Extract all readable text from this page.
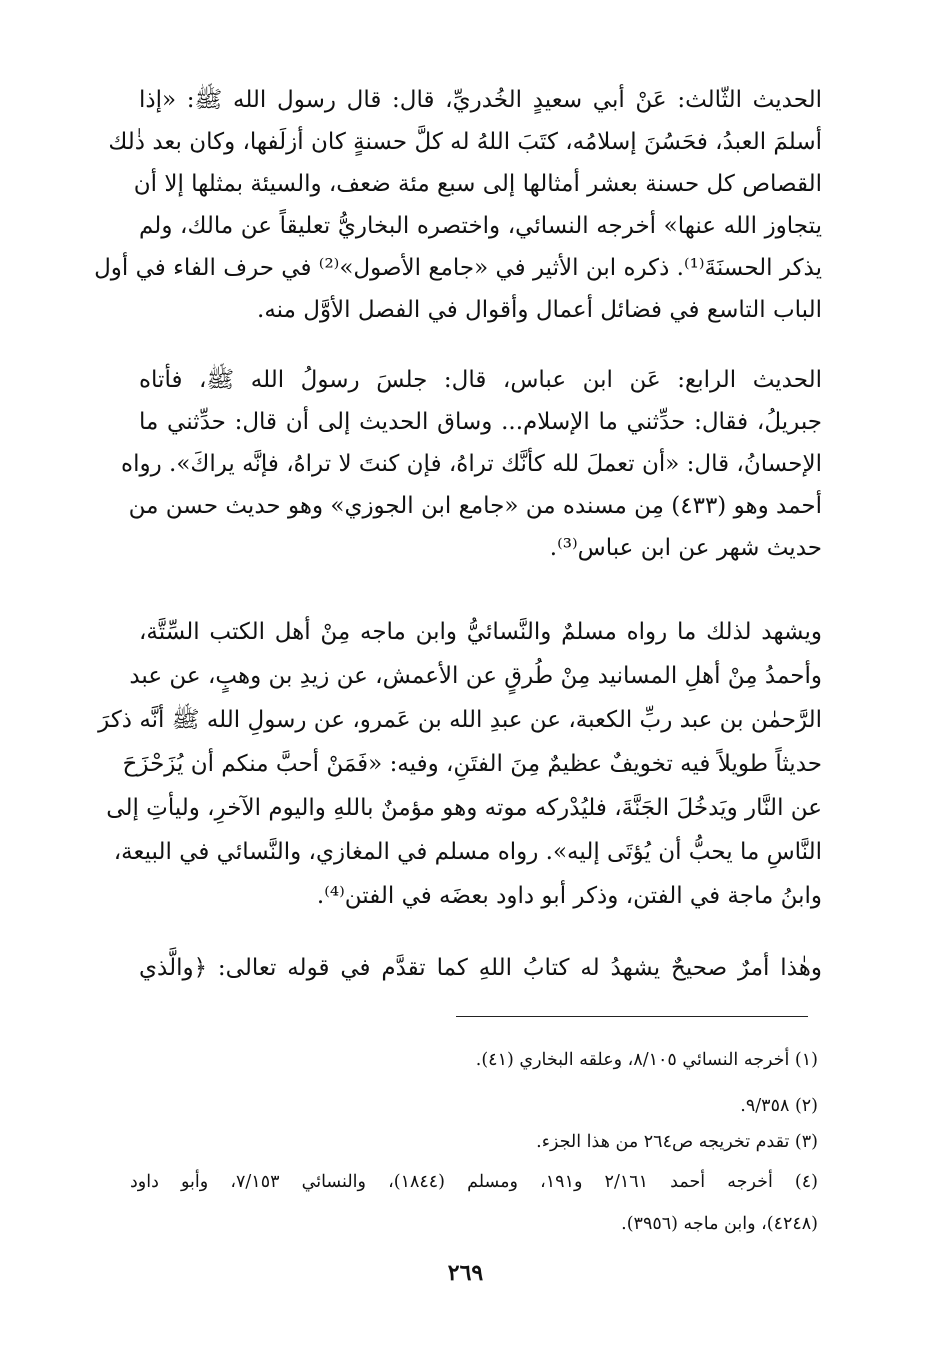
الحديث الثّالث: عَنْ أبي سعيدٍ الخُدريِّ، قال: قال رسول الله ﷺ: «إذا
أسلمَ العبدُ، فحَسُنَ إسلامُه، كتَبَ اللهُ له كلَّ حسنةٍ كان أزلَفها، وكان بعد ذٰلك
القصاص كل حسنة بعشر أمثالها إلى سبع مئة ضعف، والسيئة بمثلها إلا أن
يتجاوز الله عنها» أخرجه النسائي، واختصره البخاريُّ تعليقاً عن مالك، ولم
يذكر الحسنَةَ⁽¹⁾. ذكره ابن الأثير في «جامع الأصول»⁽²⁾ في حرف الفاء في أول
الباب التاسع في فضائل أعمال وأقوال في الفصل الأوَّل منه.
الحديث الرابع: عَن ابن عباس، قال: جلسَ رسولُ الله ﷺ، فأتاه
جبريلُ، فقال: حدِّثني ما الإسلام... وساق الحديث إلى أن قال: حدِّثني ما
الإحسانُ، قال: «أن تعملَ لله كأنَّك تراهُ، فإن كنتَ لا تراهُ، فإنَّه يراكَ». رواه
أحمد وهو (٤٣٣) مِن مسنده من «جامع ابن الجوزي» وهو حديث حسن من
حديث شهر عن ابن عباس⁽³⁾.
ويشهد لذلك ما رواه مسلمٌ والنَّسائيُّ وابن ماجه مِنْ أهل الكتب السِّتَّة،
وأحمدُ مِنْ أهلِ المسانيد مِنْ طُرقٍ عن الأعمش، عن زيدِ بن وهبٍ، عن عبد
الرَّحمٰن بن عبد ربِّ الكعبة، عن عبدِ الله بن عَمرو، عن رسولِ الله ﷺ أنَّه ذكرَ
حديثاً طويلاً فيه تخويفٌ عظيمٌ مِنَ الفتَنِ، وفيه: «فَمَنْ أحبَّ منكم أن يُزَحْزَحَ
عن النَّار ويَدخُلَ الجَنَّةَ، فليُدْركه موته وهو مؤمنٌ باللهِ واليوم الآخرِ، وليأتِ إلى
النَّاسِ ما يحبُّ أن يُؤتَى إليه». رواه مسلم في المغازي، والنَّسائي في البيعة،
وابنُ ماجة في الفتن، وذكر أبو داود بعضَه في الفتن⁽⁴⁾.
وهٰذا أمرٌ صحيحٌ يشهدُ له كتابُ اللهِ كما تقدَّم في قوله تعالى: ﴿والَّذي
(١) أخرجه النسائي ٨/١٠٥، وعلقه البخاري (٤١).
(٢) ٩/٣٥٨.
(٣) تقدم تخريجه ص٢٦٤ من هذا الجزء.
(٤) أخرجه أحمد ٢/١٦١ و١٩١، ومسلم (١٨٤٤)، والنسائي ٧/١٥٣، وأبو داود
(٤٢٤٨)، وابن ماجه (٣٩٥٦).
٢٦٩
